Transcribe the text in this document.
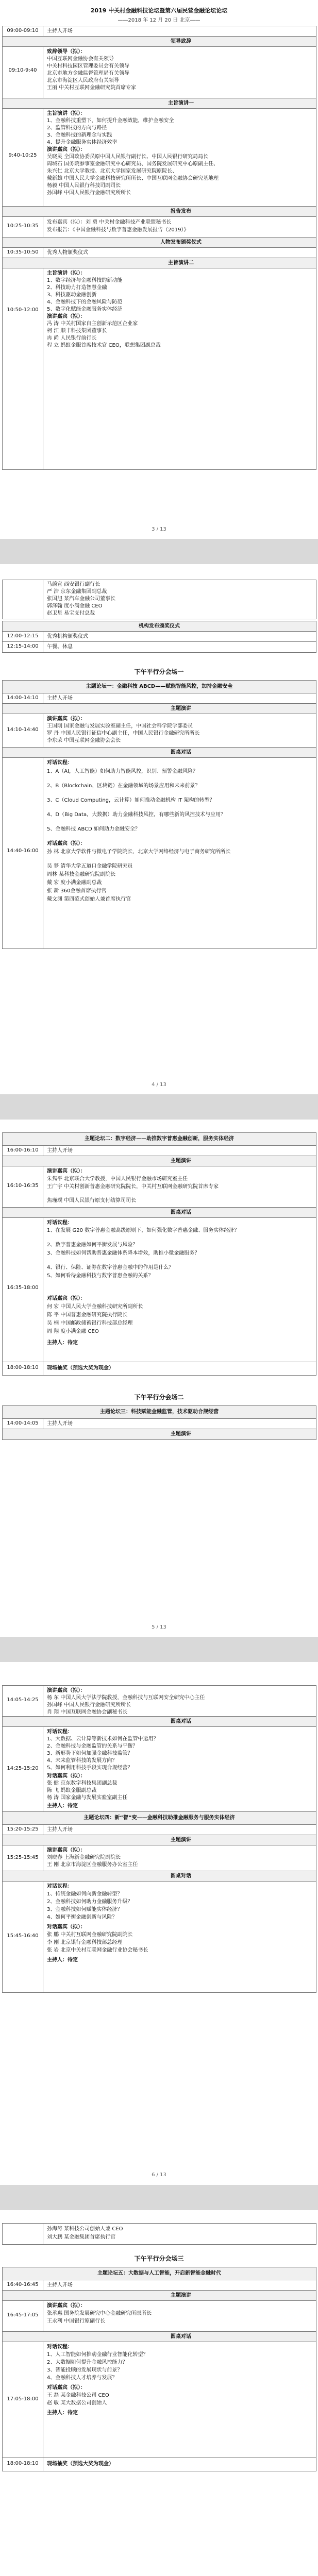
2019 中关村金融科技论坛暨第六届民营金融论坛论坛
——2018 年 12 月 20 日 北京——
09:00-09:10	主持人开场
领导致辞
09:10-9:40
致辞领导（拟）：
中国互联网金融协会有关领导
中关村科技园区管理委员会有关领导
北京市地方金融监督管理局有关领导
北京市海淀区人民政府有关领导
王丽 中关村互联网金融研究院首席专家
主旨演讲一
9:40-10:25
主旨演讲（拟）：
1、金融科技重塑下，如何提升金融效能，维护金融安全
2、监管科技的方向与路径
3、金融科技的新理念与实践
4、提升金融服务实体经济效率
演讲嘉宾（拟）：
吴晓灵 全国政协委员原中国人民银行副行长、中国人民银行研究局局长
周城石 国务院参事室金融研究中心研究员、国务院发展研究中心原副主任、
朱兴仁 北京大学教授、北京大学国家发展研究院原院长、
戴新雄 中国人民大学金融科技研究所所长、中国互联网金融协会研究基地理
杨毅 中国人民银行科技司副司长
孙国峰 中国人民银行金融研究所所长
报告发布
10:25-10:35
发布嘉宾（拟）：刘 勇 中关村金融科技产业联盟秘书长
发布报告：《中国金融科技与数字普惠金融发展报告（2019）》
人物发布颁奖仪式
10:35-10:50	优秀人物颁奖仪式
主旨演讲二
10:50-12:00
主旨演讲（拟）：
1、数字经济与金融科技的新动能
2、科技助力打造智慧金融
3、科技驱动金融创新
4、金融科技下的金融风险与防范
5、数字化赋能金融服务实体经济
演讲嘉宾（拟）：
冯 涛 中关村国家自主创新示范区企业家
柯 江 顺丰科技集团董事长
冉 尚 人民银行前行长
程 立 蚂蚁金服首席技术官 CEO，联想集团副总裁
3 / 13
马蔚宣 西安银行副行长
严 浩 京东金融集团副总裁
张国旭 某汽车金融公司董事长
郭泽翰 度小满金融 CEO
赵卫星 易宝支付总裁
机构发布颁奖仪式
12:00-12:15	优秀机构颁奖仪式
12:15-14:00	午餐、休息
下午平行分会场一
主题论坛一：金融科技 ABCD——赋能智能风控，加持金融安全
14:00-14:10	主持人开场
主题演讲
14:10-14:40
演讲嘉宾（拟）：
王国刚 国家金融与发展实验室副主任，中国社会科学院学部委员
罗 丹 中国人民银行征信中心副主任，中国人民银行金融研究所所长
李东荣 中国互联网金融协会会长
圆桌对话
14:40-16:00
对话议程：
1、A（AI，人工智能）如何助力智能风控，识别、预警金融风险？
2、B（Blockchain，区块链）在金融领域的场景应用和未来前景？
3、C（Cloud Computing，云计算）如何推动金融机构 IT 架构的转型？
4、D（Big Data，大数据）助力金融科技风控，有哪些新的风控技术与应用？
5、金融科技 ABCD 如何助力金融安全？
对话嘉宾（拟）：
孙 林 北京大学软件与微电子学院院长，北京大学网络经济与电子商务研究所所长
吴 梦 清华大学五道口金融学院研究员
周林 某科技金融研究院副院长
戴 宏 度小满金融副总裁
张 新 360金融首席执行官
戴文渊 第四范式创始人兼首席执行官
4 / 13
主题论坛二：数字经济——助推数字普惠金融创新，服务实体经济
16:00-16:10	主持人开场
主题演讲
16:10-16:35
演讲嘉宾（拟）：
朱隽平 北京联合大学教授，中国人民银行金融市场研究室主任
王广宇 中关村创新普惠金融研究院院长，中关村互联网金融研究院首席专家
焦瑾璞 中国人民银行原支付结算司司长
圆桌对话
16:35-18:00
对话议程：
1、在发展 G20 数字普惠金融高级原则下，如何强化数字普惠金融、服务实体经济？
2、数字普惠金融如何平衡发展与风险？
3、金融科技如何帮助普惠金融体系降本增效，助推小微金融服务？
4、银行、保险、证券在数字普惠金融中的作用是什么？
5、如何看待金融科技与数字普惠金融的关系？
对话嘉宾（拟）：
何 宏 中国人民大学金融科技研究所副所长
陈 平 中国普惠金融研究院执行院长
吴 楠 中国邮政储蓄银行科技部总经理
周 翔 度小满金融 CEO
主持人：待定
18:00-18:10	现场抽奖（预选大奖为现金）
下午平行分会场二
主题论坛三：科技赋能金融监管，技术驱动合规经营
14:00-14:05	主持人开场
主题演讲
5 / 13
14:05-14:25
演讲嘉宾（拟）：
杨 东 中国人民大学法学院教授，金融科技与互联网安全研究中心主任
孙国峰 中国人民银行金融研究所所长
肖 翔 中国互联网金融协会副秘书长
圆桌对话
14:25-15:20
对话议程：
1、大数据、云计算等新技术如何在监管中运用？
2、金融科技与金融监管的关系与平衡？
3、新形势下如何加强金融科技监管？
4、未来监管科技的发展方向？
5、如何利用科技手段实现合规经营？
对话嘉宾（拟）：
张 健 京东数字科技集团副总裁
陈 飞 蚂蚁金服副总裁
杨 涛 国家金融与发展实验室副主任
主持人：待定
主题论坛四：新“智”变——金融科技助推金融服务与服务实体经济
15:20-15:25	主持人开场
主题演讲
15:25-15:45
演讲嘉宾（拟）：
刘晓春 上海新金融研究院副院长
王 刚 北京市海淀区金融服务办公室主任
圆桌对话
15:45-16:40
对话议程：
1、传统金融如何向新金融转型？
2、金融科技如何助力金融服务升级？
3、金融科技如何赋能实体经济？
4、如何平衡金融创新与风险？
对话嘉宾（拟）：
张 鹏 中关村互联网金融研究院副院长
李 刚 北京银行金融科技部总经理
张 岩 北京中关村互联网金融行业协会秘书长
主持人：待定
6 / 13
孙海涛 某科技公司创始人兼 CEO
刘大鹏 某金融集团首席执行官
下午平行分会场三
主题论坛五：大数据与人工智能，开启新智能金融时代
16:40-16:45	主持人开场
主题演讲
16:45-17:05
演讲嘉宾（拟）：
张承惠 国务院发展研究中心金融研究所原所长
王永利 中国银行原副行长
圆桌对话
17:05-18:00
对话议程：
1、人工智能如何推动金融行业智能化转型？
2、大数据如何提升金融风控能力？
3、智能投顾的发展现状与前景？
4、金融科技人才培养与发展？
对话嘉宾（拟）：
王 磊 某金融科技公司 CEO
赵 敏 某大数据公司创始人
主持人：待定
18:00-18:10	现场抽奖（预选大奖为现金）
